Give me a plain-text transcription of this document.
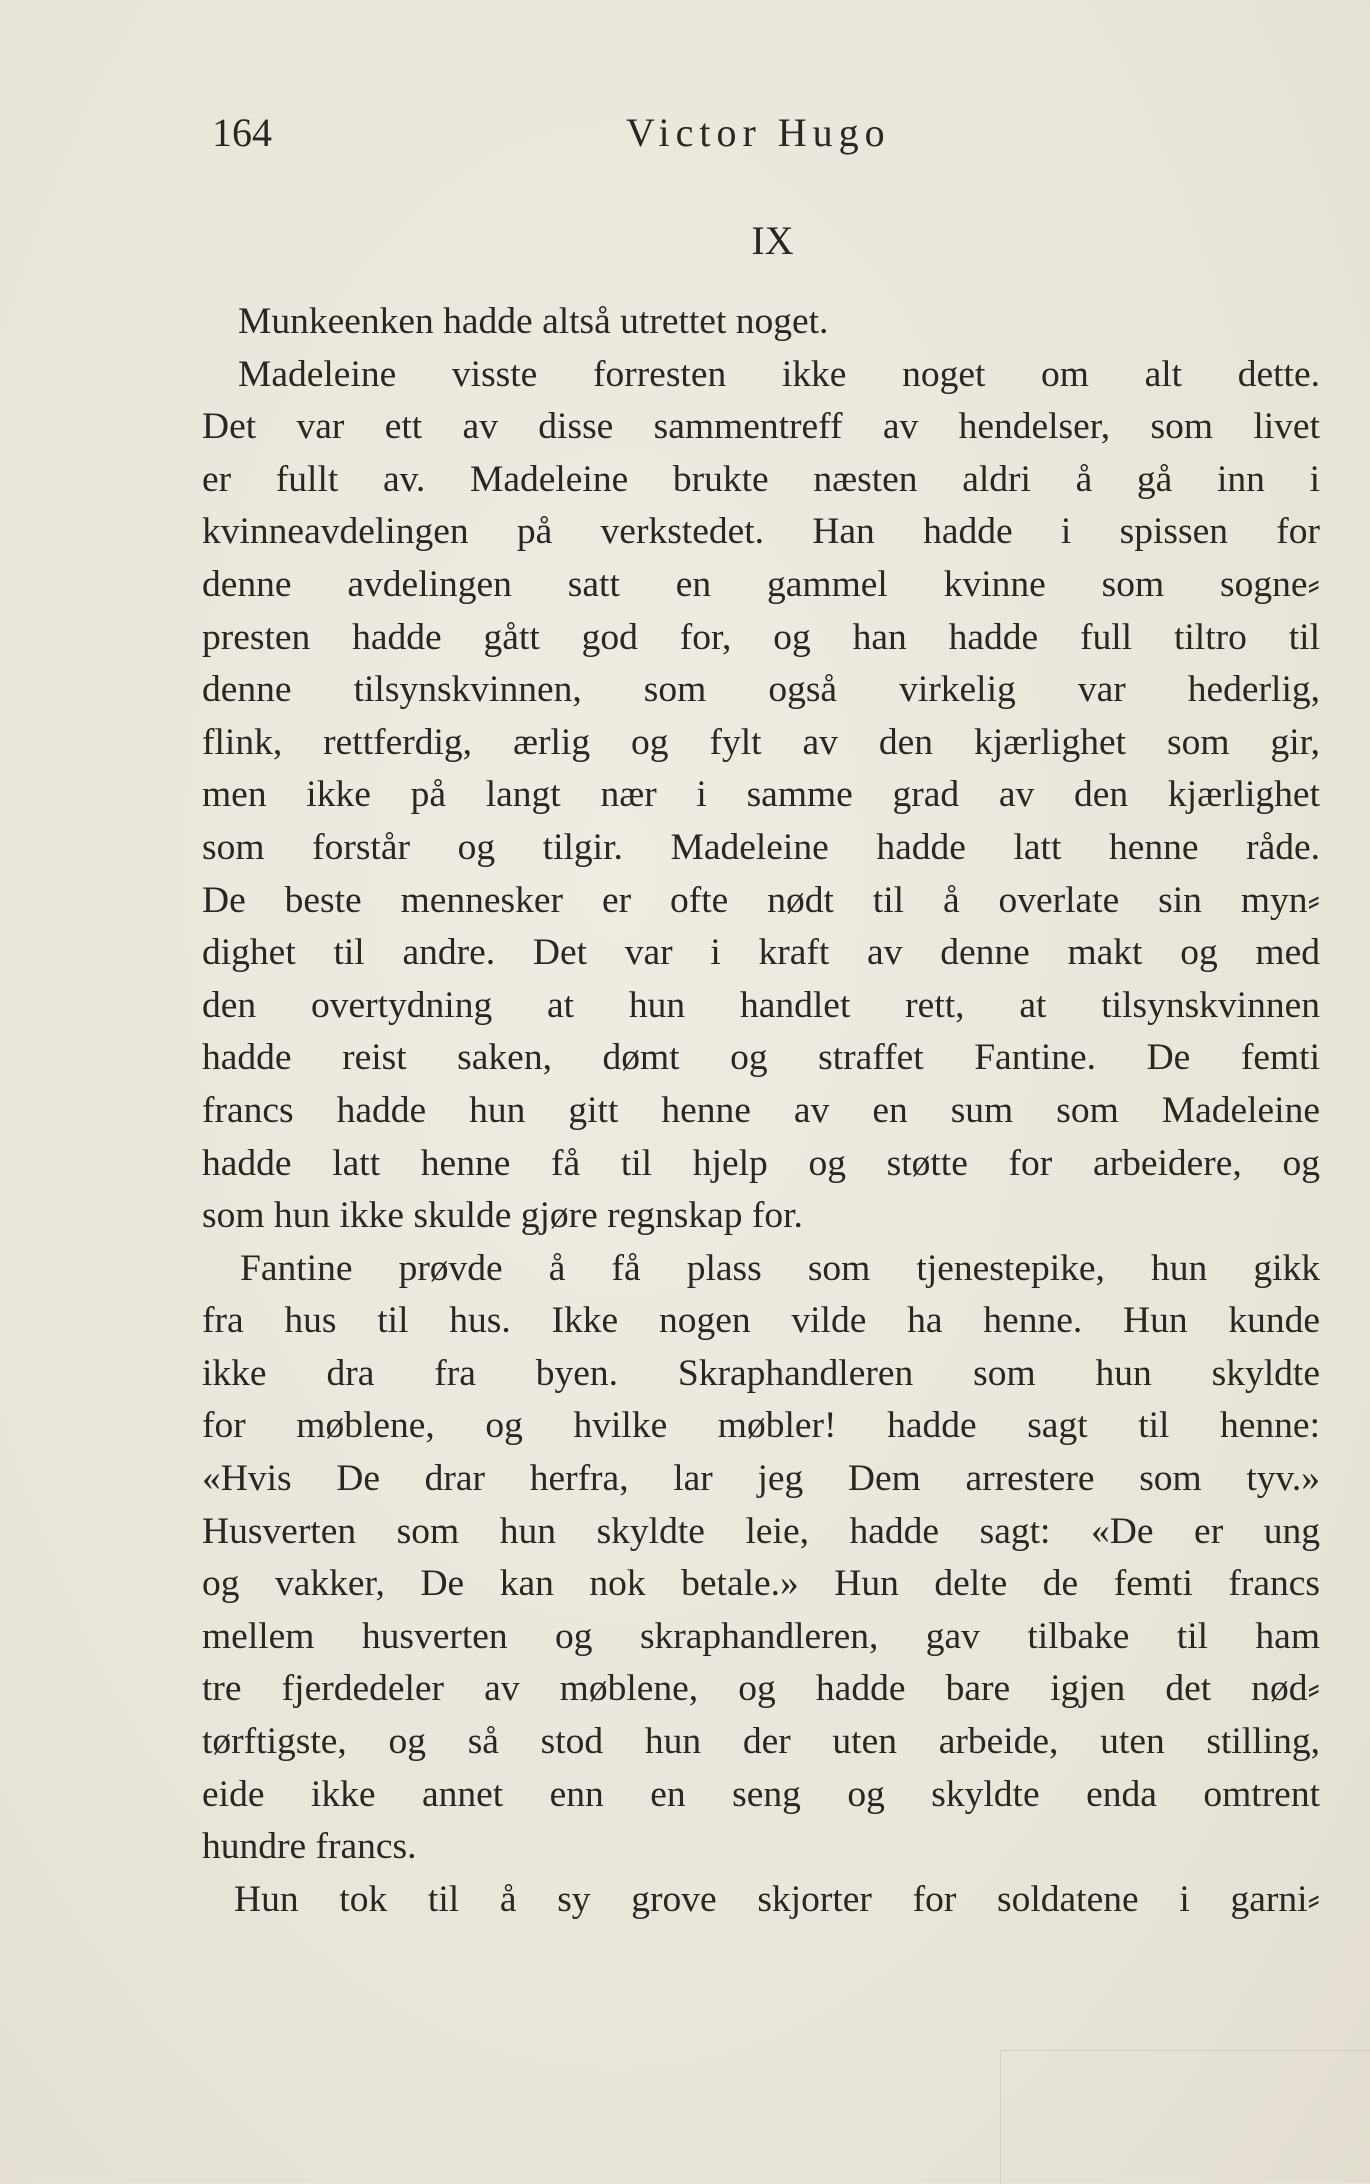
164	Victor Hugo
IX
Munkeenken hadde altså utrettet noget.
Madeleine visste forresten ikke noget om alt dette.
Det var ett av disse sammentreff av hendelser, som livet
er fullt av. Madeleine brukte næsten aldri å gå inn i
kvinneavdelingen på verkstedet. Han hadde i spissen for
denne avdelingen satt en gammel kvinne som sogne⸗
presten hadde gått god for, og han hadde full tiltro til
denne tilsynskvinnen, som også virkelig var hederlig,
flink, rettferdig, ærlig og fylt av den kjærlighet som gir,
men ikke på langt nær i samme grad av den kjærlighet
som forstår og tilgir. Madeleine hadde latt henne råde.
De beste mennesker er ofte nødt til å overlate sin myn⸗
dighet til andre. Det var i kraft av denne makt og med
den overtydning at hun handlet rett, at tilsynskvinnen
hadde reist saken, dømt og straffet Fantine. De femti
francs hadde hun gitt henne av en sum som Madeleine
hadde latt henne få til hjelp og støtte for arbeidere, og
som hun ikke skulde gjøre regnskap for.
Fantine prøvde å få plass som tjenestepike, hun gikk
fra hus til hus. Ikke nogen vilde ha henne. Hun kunde
ikke dra fra byen. Skraphandleren som hun skyldte
for møblene, og hvilke møbler! hadde sagt til henne:
«Hvis De drar herfra, lar jeg Dem arrestere som tyv.»
Husverten som hun skyldte leie, hadde sagt: «De er ung
og vakker, De kan nok betale.» Hun delte de femti francs
mellem husverten og skraphandleren, gav tilbake til ham
tre fjerdedeler av møblene, og hadde bare igjen det nød⸗
tørftigste, og så stod hun der uten arbeide, uten stilling,
eide ikke annet enn en seng og skyldte enda omtrent
hundre francs.
Hun tok til å sy grove skjorter for soldatene i garni⸗
